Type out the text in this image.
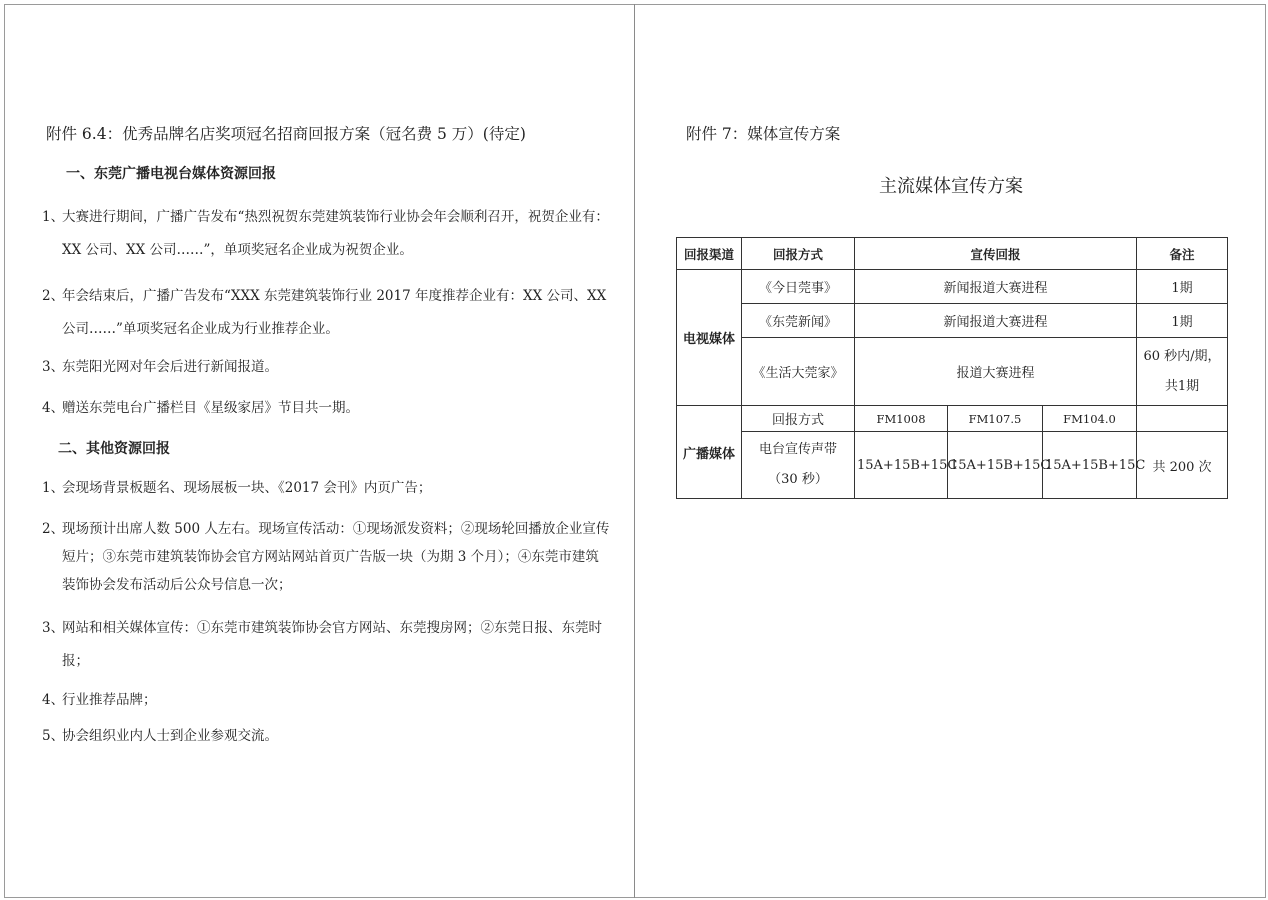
附件 6.4：优秀品牌名店奖项冠名招商回报方案（冠名费 5 万）(待定)
一、东莞广播电视台媒体资源回报
1、
大赛进行期间，广播广告发布“热烈祝贺东莞建筑装饰行业协会年会顺利召开，祝贺企业有：XX 公司、XX 公司……”，单项奖冠名企业成为祝贺企业。
2、
年会结束后，广播广告发布“XXX 东莞建筑装饰行业 2017 年度推荐企业有：XX 公司、XX 公司……”单项奖冠名企业成为行业推荐企业。
3、
东莞阳光网对年会后进行新闻报道。
4、
赠送东莞电台广播栏目《星级家居》节目共一期。
二、其他资源回报
1、
会现场背景板题名、现场展板一块、《2017 会刊》内页广告；
2、
现场预计出席人数 500 人左右。现场宣传活动：①现场派发资料；②现场轮回播放企业宣传短片；③东莞市建筑装饰协会官方网站网站首页广告版一块（为期 3 个月）；④东莞市建筑装饰协会发布活动后公众号信息一次；
3、
网站和相关媒体宣传：①东莞市建筑装饰协会官方网站、东莞搜房网；②东莞日报、东莞时报；
4、
行业推荐品牌；
5、
协会组织业内人士到企业参观交流。
附件 7：媒体宣传方案
主流媒体宣传方案
回报渠道	回报方式	宣传回报			备注
电视媒体	《今日莞事》	新闻报道大赛进程			1期
	《东莞新闻》	新闻报道大赛进程			1期
	《生活大莞家》	报道大赛进程			60 秒内/期，共1期
广播媒体	回报方式	FM1008	FM107.5	FM104.0	
	电台宣传声带（30 秒）	15A+15B+15C	15A+15B+15C	15A+15B+15C	共 200 次
